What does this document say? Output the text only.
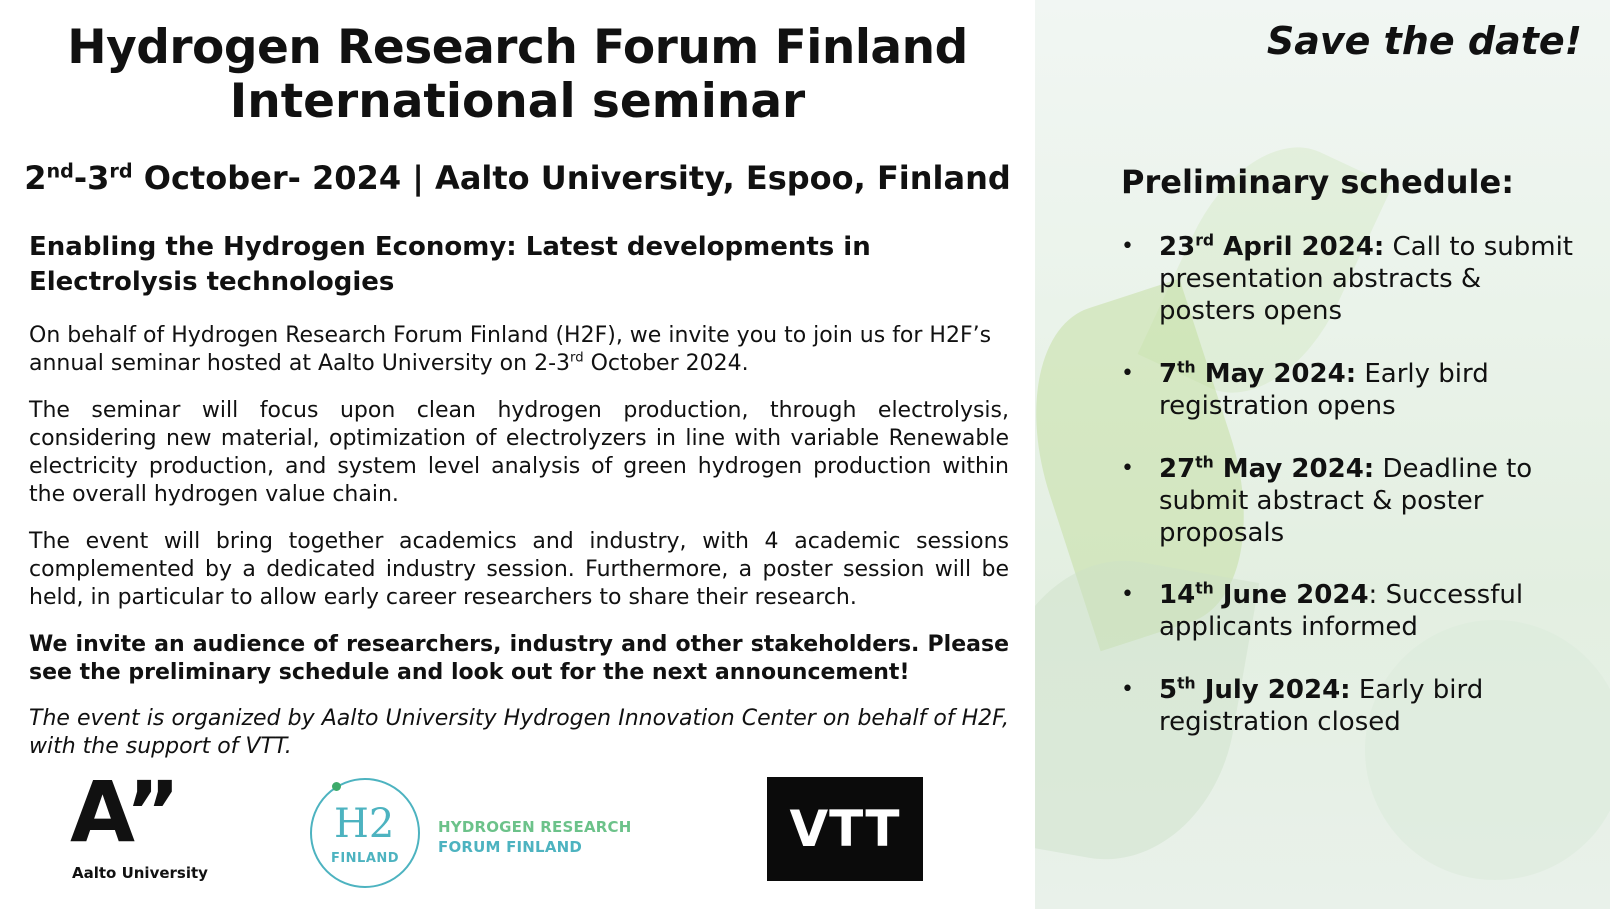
Hydrogen Research Forum Finland
International seminar

2nd-3rd October- 2024 | Aalto University, Espoo, Finland

Enabling the Hydrogen Economy: Latest developments in Electrolysis technologies

On behalf of Hydrogen Research Forum Finland (H2F), we invite you to join us for H2F’s annual seminar hosted at Aalto University on 2-3rd October 2024.

The seminar will focus upon clean hydrogen production, through electrolysis, considering new material, optimization of electrolyzers in line with variable Renewable electricity production, and system level analysis of green hydrogen production within the overall hydrogen value chain.

The event will bring together academics and industry, with 4 academic sessions complemented by a dedicated industry session. Furthermore, a poster session will be held, in particular to allow early career researchers to share their research.

We invite an audience of researchers, industry and other stakeholders. Please see the preliminary schedule and look out for the next announcement!

The event is organized by Aalto University Hydrogen Innovation Center on behalf of H2F, with the support of VTT.

A”
Aalto University
H2
FINLAND
HYDROGEN RESEARCH
FORUM FINLAND	VTT

Save the date!

Preliminary schedule:
• 23rd April 2024: Call to submit presentation abstracts & posters opens
• 7th May 2024: Early bird registration opens
• 27th May 2024: Deadline to submit abstract & poster proposals
• 14th June 2024: Successful applicants informed
• 5th July 2024: Early bird registration closed
